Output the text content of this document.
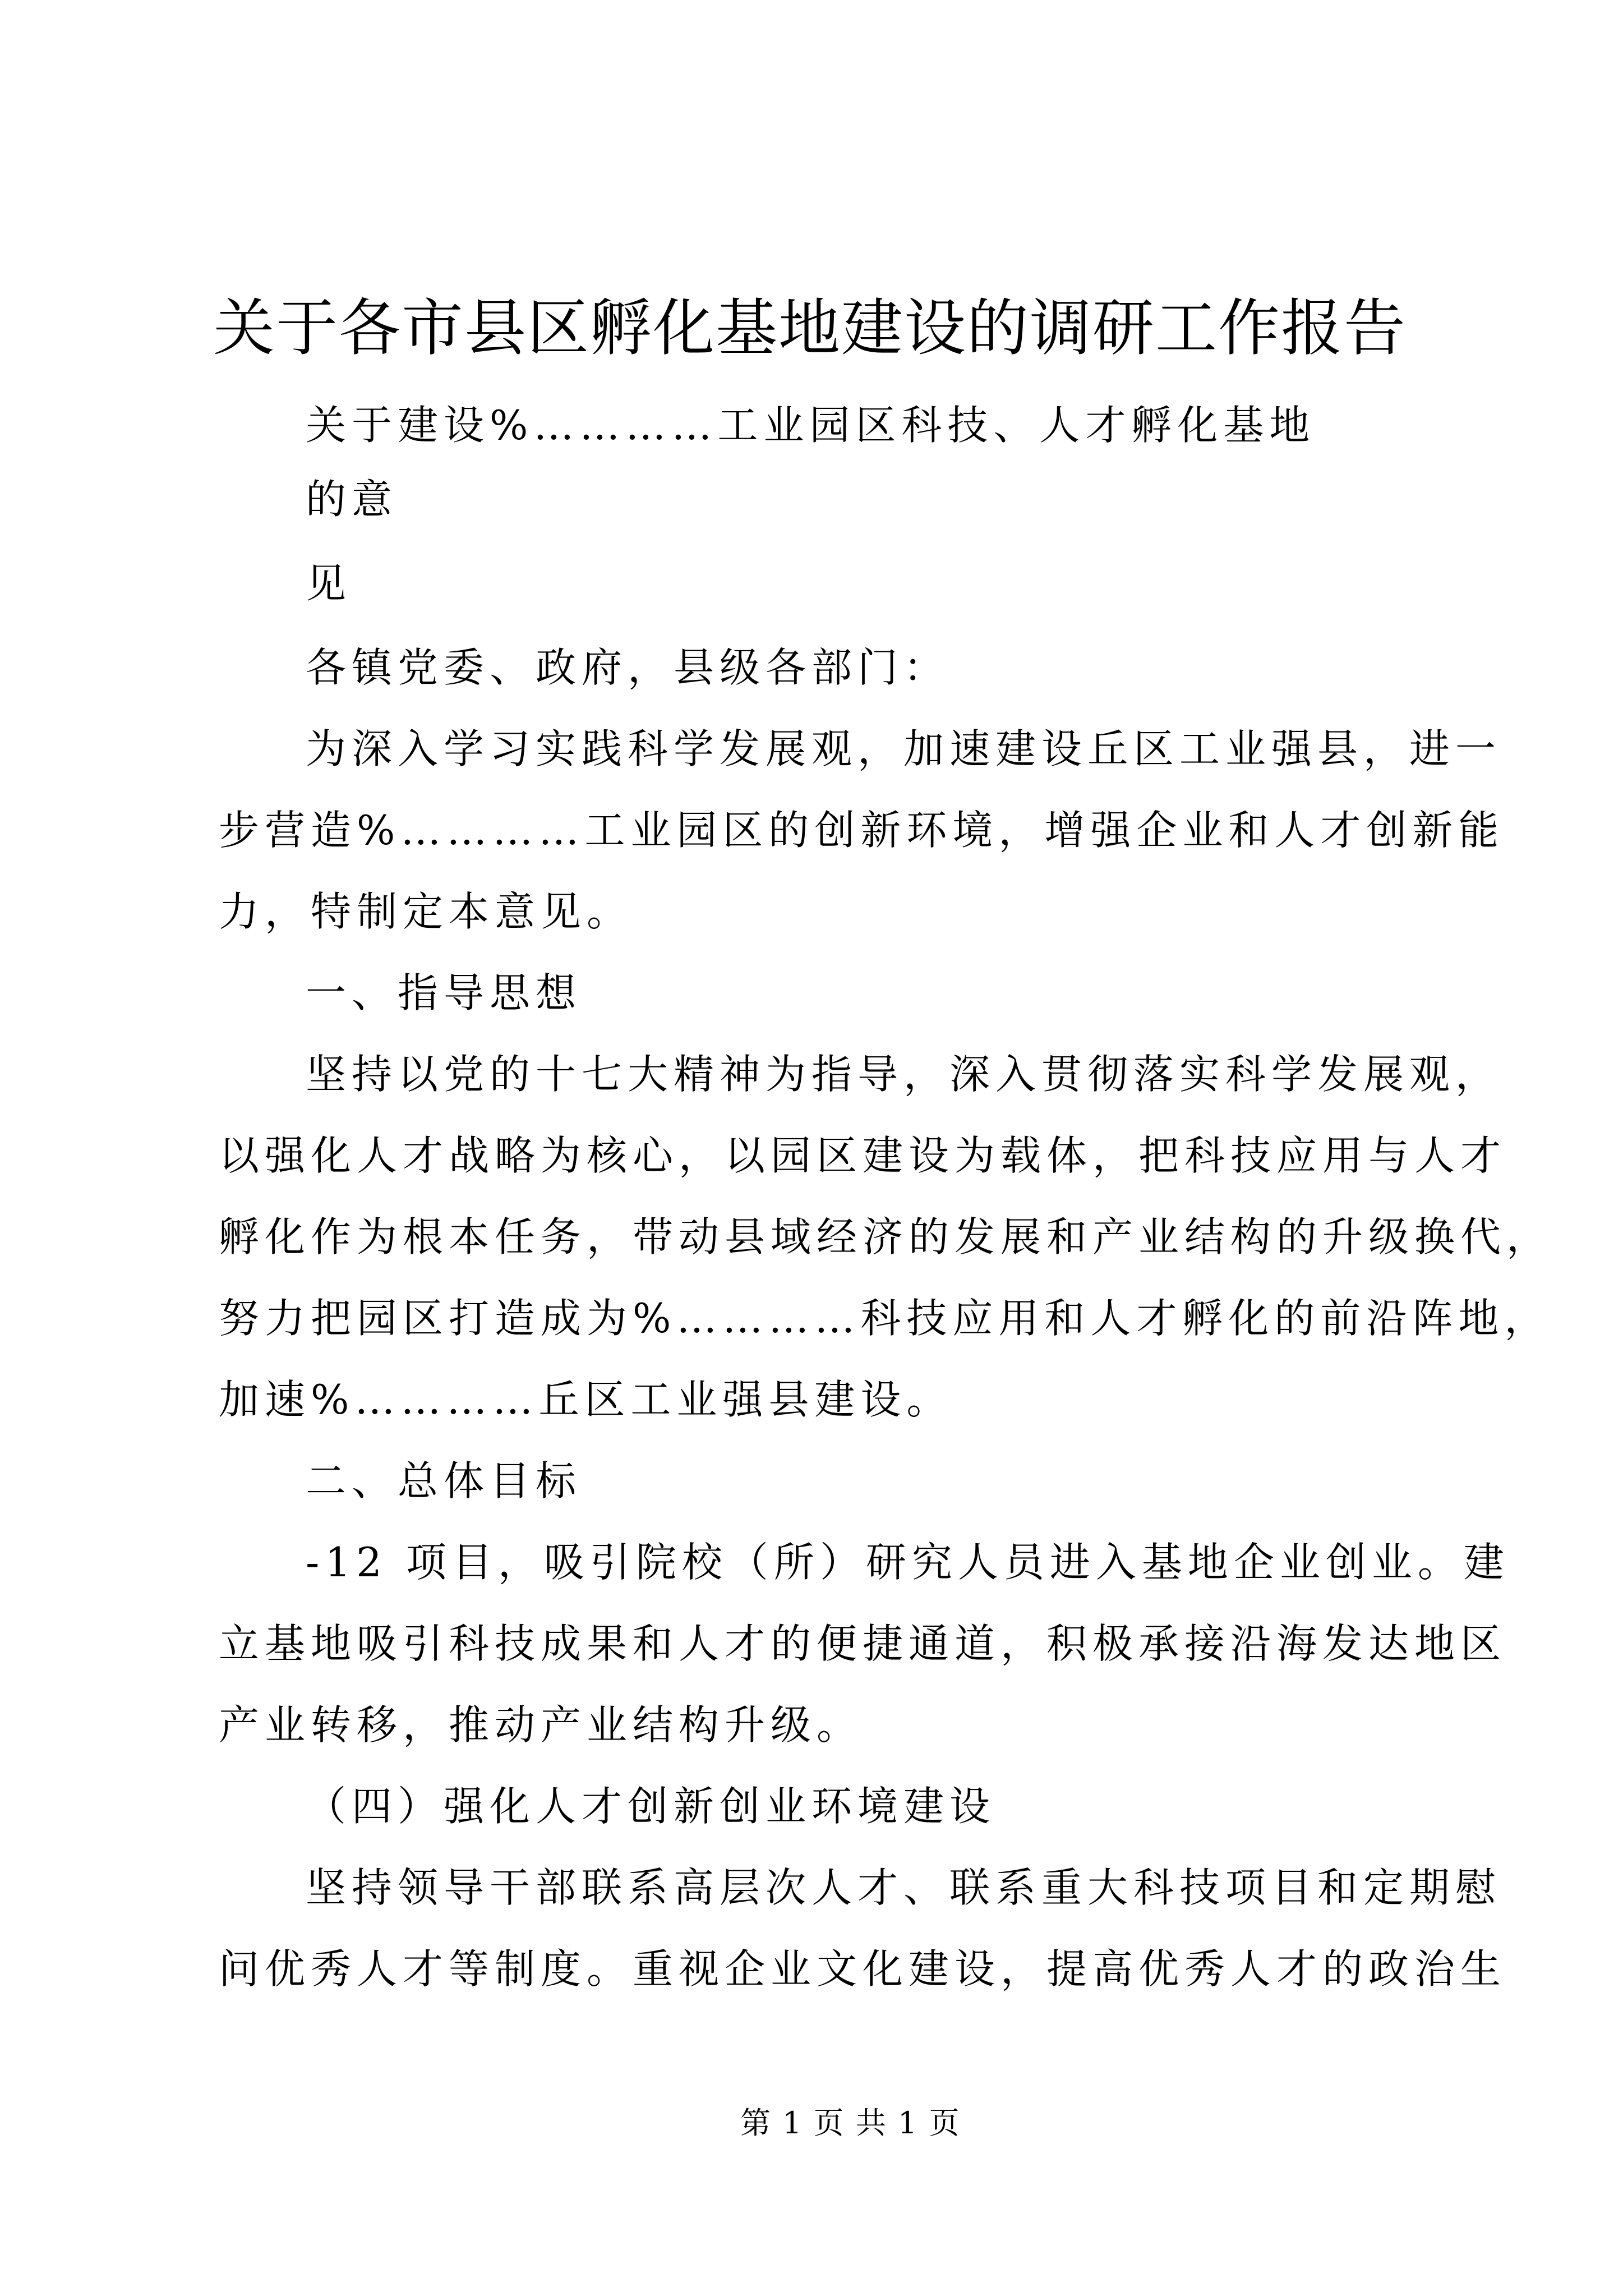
关于各市县区孵化基地建设的调研工作报告
关于建设%…………工业园区科技、人才孵化基地
的意
见
各镇党委、政府，县级各部门：
为深入学习实践科学发展观，加速建设丘区工业强县，进一
步营造%…………工业园区的创新环境，增强企业和人才创新能
力，特制定本意见。
一、指导思想
坚持以党的十七大精神为指导，深入贯彻落实科学发展观，
以强化人才战略为核心，以园区建设为载体，把科技应用与人才
孵化作为根本任务，带动县域经济的发展和产业结构的升级换代，
努力把园区打造成为%…………科技应用和人才孵化的前沿阵地，
加速%…………丘区工业强县建设。
二、总体目标
-12 项目，吸引院校（所）研究人员进入基地企业创业。建
立基地吸引科技成果和人才的便捷通道，积极承接沿海发达地区
产业转移，推动产业结构升级。
（四）强化人才创新创业环境建设
坚持领导干部联系高层次人才、联系重大科技项目和定期慰
问优秀人才等制度。重视企业文化建设，提高优秀人才的政治生
第 1 页 共 1 页
